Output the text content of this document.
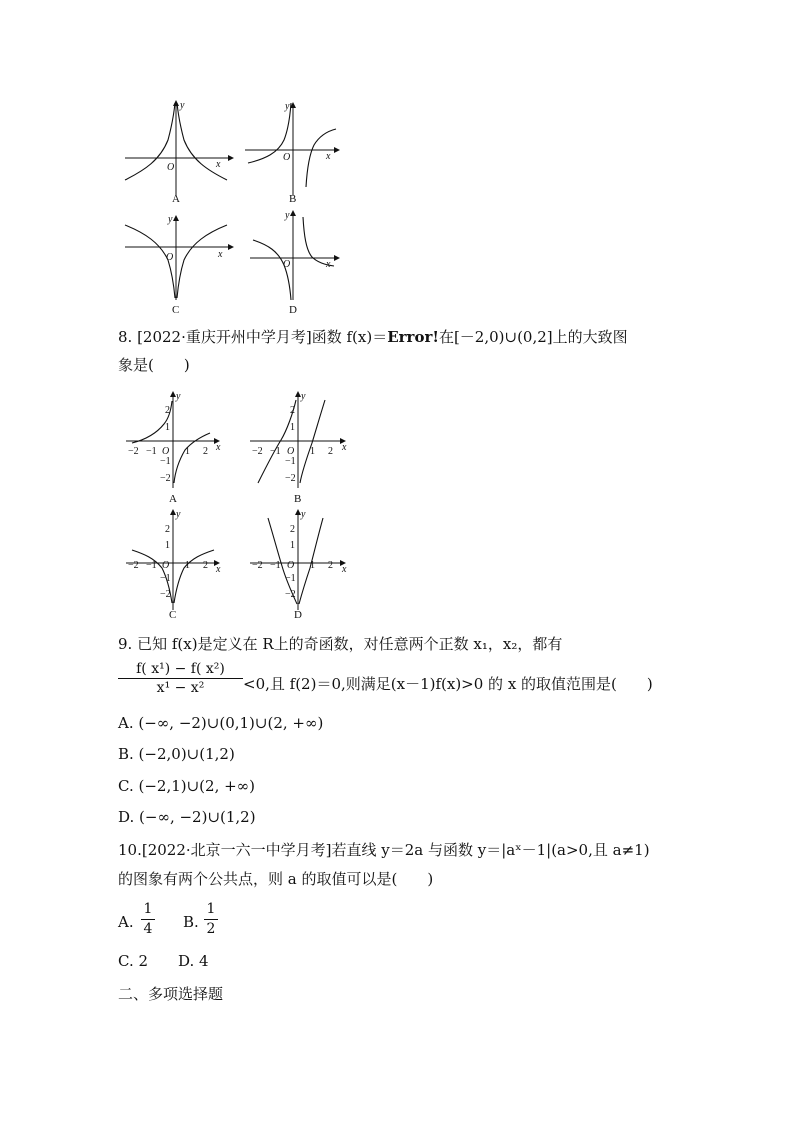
y
x
O
A
y
x
O
B
y
x
O
C
y
x
O
D
8. [2022·重庆开州中学月考]函数 f(x)＝Error!在[－2,0)∪(0,2]上的大致图
象是(　　)
y
x
−2 −1 O 1 2
2
1
−1
−2
A
y
x
−2 −1 O 1 2
2
1
−1
−2
B
y
x
−2 −1 O 1 2
2
1
−1
−2
C
y
x
−2 −1 O 1 2
2
1
−1
−2
D
9. 已知 f(x)是定义在 R上的奇函数，对任意两个正数 x₁，x₂，都有
f( x¹) − f( x²)
x¹ − x²	<0,且 f(2)＝0,则满足(x－1)f(x)>0 的 x 的取值范围是(　　)
A. (−∞, −2)∪(0,1)∪(2, +∞)
B. (−2,0)∪(1,2)
C. (−2,1)∪(2, +∞)
D. (−∞, −2)∪(1,2)
10.[2022·北京一六一中学月考]若直线 y＝2a 与函数 y＝|aˣ－1|(a>0,且 a≠1)
的图象有两个公共点，则 a 的取值可以是(　　)
A.
1
4 B.
1
2
C. 2　　D. 4
二、多项选择题
